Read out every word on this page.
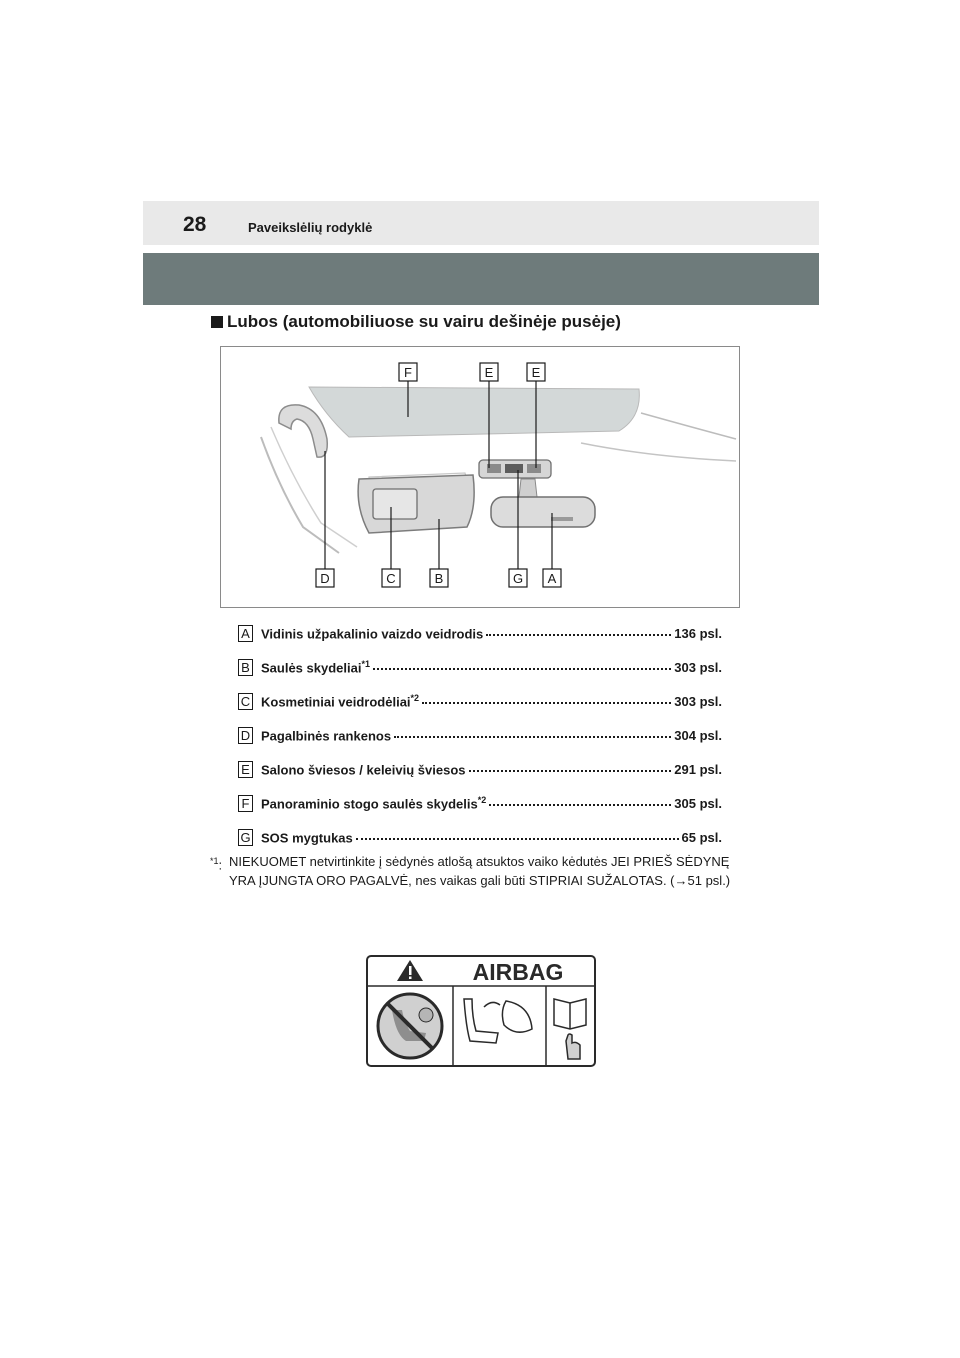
28	Paveikslėlių rodyklė
Lubos (automobiliuose su vairu dešinėje pusėje)
F	E	E
D	C	B	G A
A Vidinis užpakalinio vaizdo veidrodis	136 psl.
B Saulės skydeliai$^{*1}$	303 psl.
C Kosmetiniai veidrodėliai$^{*2}$	303 psl.
D Pagalbinės rankenos	304 psl.
E Salono šviesos / keleivių šviesos	291 psl.
F Panoraminio stogo saulės skydelis$^{*2}$	305 psl.
G SOS mygtukas	65 psl.
$^{*1}$: NIEKUOMET netvirtinkite į sėdynės atlošą atsuktos vaiko kėdutės JEI PRIEŠ SĖDYNĘ YRA ĮJUNGTA ORO PAGALVĖ, nes vaikas gali būti STIPRIAI SUŽALOTAS. (→51 psl.)
AIRBAG
